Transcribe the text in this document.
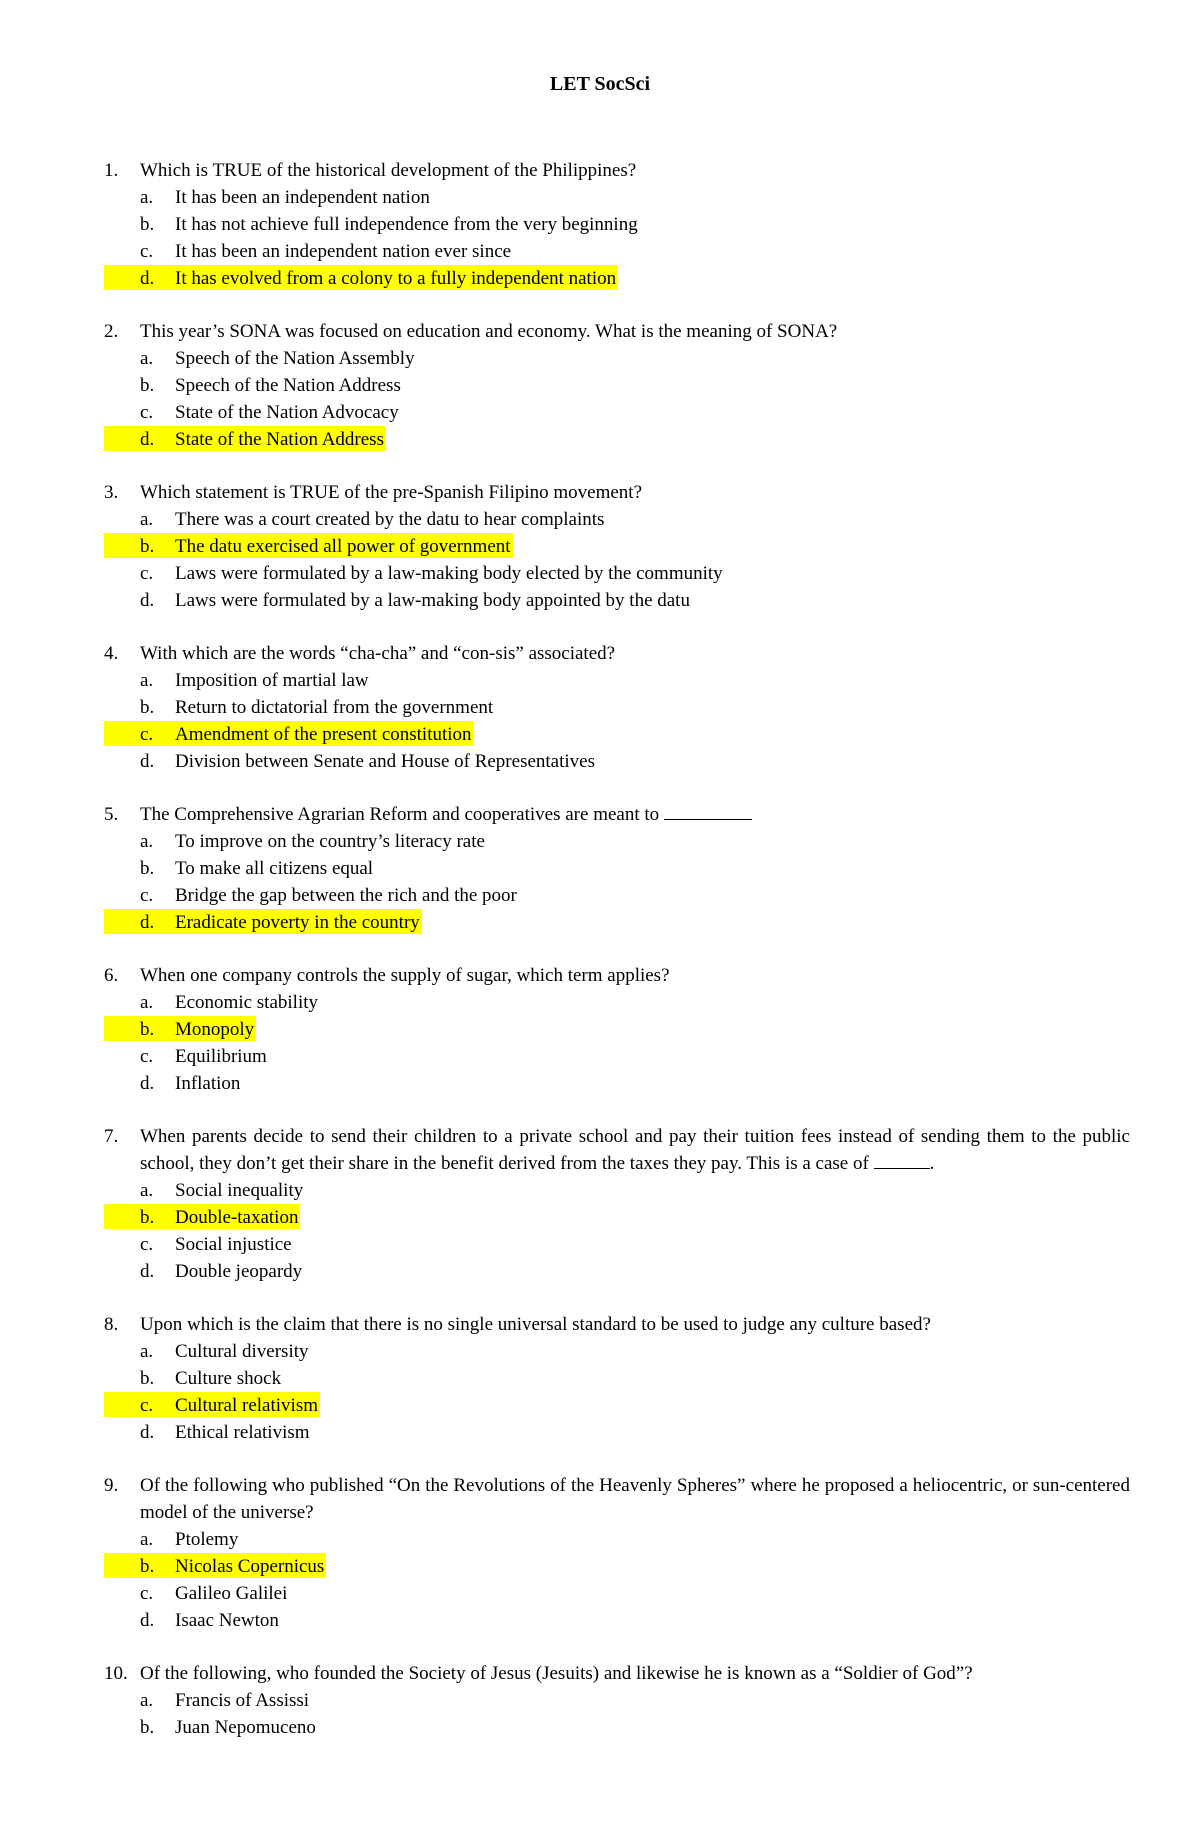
LET SocSci
1.	Which is TRUE of the historical development of the Philippines?
a. It has been an independent nation
b. It has not achieve full independence from the very beginning
c. It has been an independent nation ever since
d. It has evolved from a colony to a fully independent nation
2.	This year’s SONA was focused on education and economy. What is the meaning of SONA?
a. Speech of the Nation Assembly
b. Speech of the Nation Address
c. State of the Nation Advocacy
d. State of the Nation Address
3.	Which statement is TRUE of the pre-Spanish Filipino movement?
a. There was a court created by the datu to hear complaints
b. The datu exercised all power of government
c. Laws were formulated by a law-making body elected by the community
d. Laws were formulated by a law-making body appointed by the datu
4.	With which are the words “cha-cha” and “con-sis” associated?
a. Imposition of martial law
b. Return to dictatorial from the government
c. Amendment of the present constitution
d. Division between Senate and House of Representatives
5.	The Comprehensive Agrarian Reform and cooperatives are meant to
a. To improve on the country’s literacy rate
b. To make all citizens equal
c. Bridge the gap between the rich and the poor
d. Eradicate poverty in the country
6.	When one company controls the supply of sugar, which term applies?
a. Economic stability
b. Monopoly
c. Equilibrium
d. Inflation
7.	When parents decide to send their children to a private school and pay their tuition fees instead of sending them to the public school, they don’t get their share in the benefit derived from the taxes they pay. This is a case of	.
a. Social inequality
b. Double-taxation
c. Social injustice
d. Double jeopardy
8.	Upon which is the claim that there is no single universal standard to be used to judge any culture based?
a. Cultural diversity
b. Culture shock
c. Cultural relativism
d. Ethical relativism
9.	Of the following who published “On the Revolutions of the Heavenly Spheres” where he proposed a heliocentric, or sun-centered model of the universe?
a. Ptolemy
b. Nicolas Copernicus
c. Galileo Galilei
d. Isaac Newton
10. Of the following, who founded the Society of Jesus (Jesuits) and likewise he is known as a “Soldier of God”?
a. Francis of Assissi
b. Juan Nepomuceno
